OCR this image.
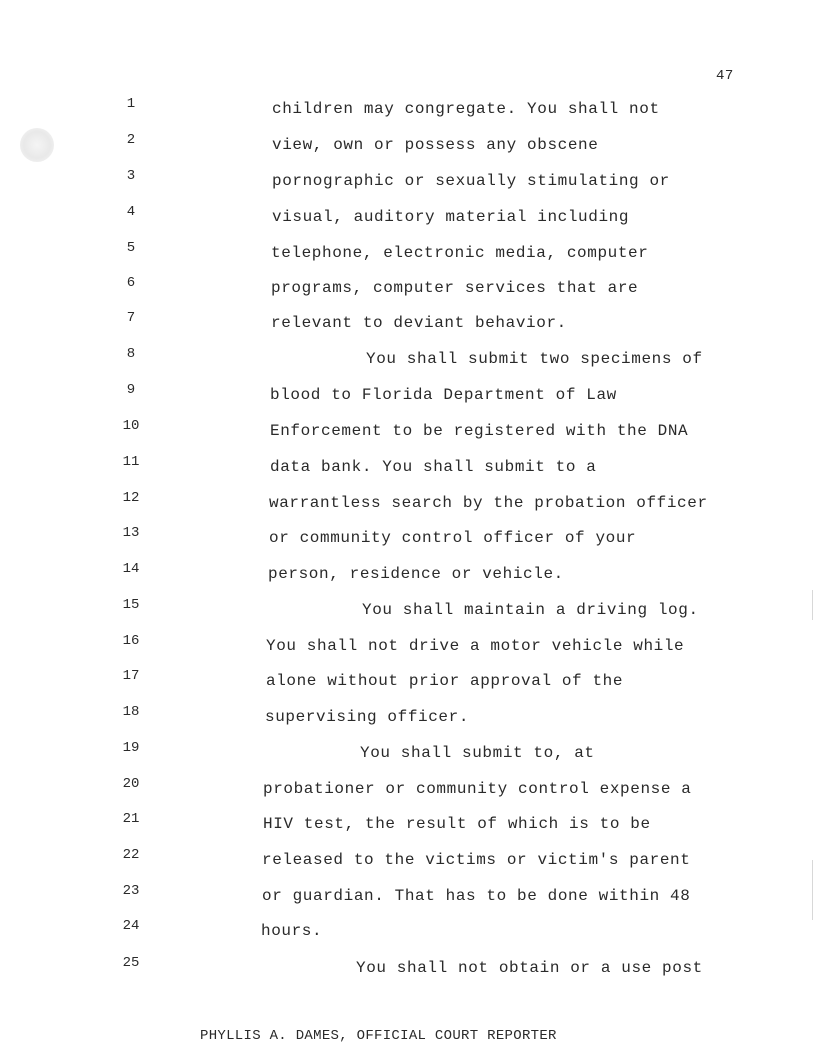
47
1	children may congregate. You shall not
2	view, own or possess any obscene
3	pornographic or sexually stimulating or
4	visual, auditory material including
5	telephone, electronic media, computer
6	programs, computer services that are
7	relevant to deviant behavior.
8	You shall submit two specimens of
9	blood to Florida Department of Law
10	Enforcement to be registered with the DNA
11	data bank. You shall submit to a
12	warrantless search by the probation officer
13	or community control officer of your
14	person, residence or vehicle.
15	You shall maintain a driving log.
16	You shall not drive a motor vehicle while
17	alone without prior approval of the
18	supervising officer.
19	You shall submit to, at
20	probationer or community control expense a
21	HIV test, the result of which is to be
22	released to the victims or victim's parent
23	or guardian. That has to be done within 48
24	hours.
25	You shall not obtain or a use post
PHYLLIS A. DAMES, OFFICIAL COURT REPORTER
